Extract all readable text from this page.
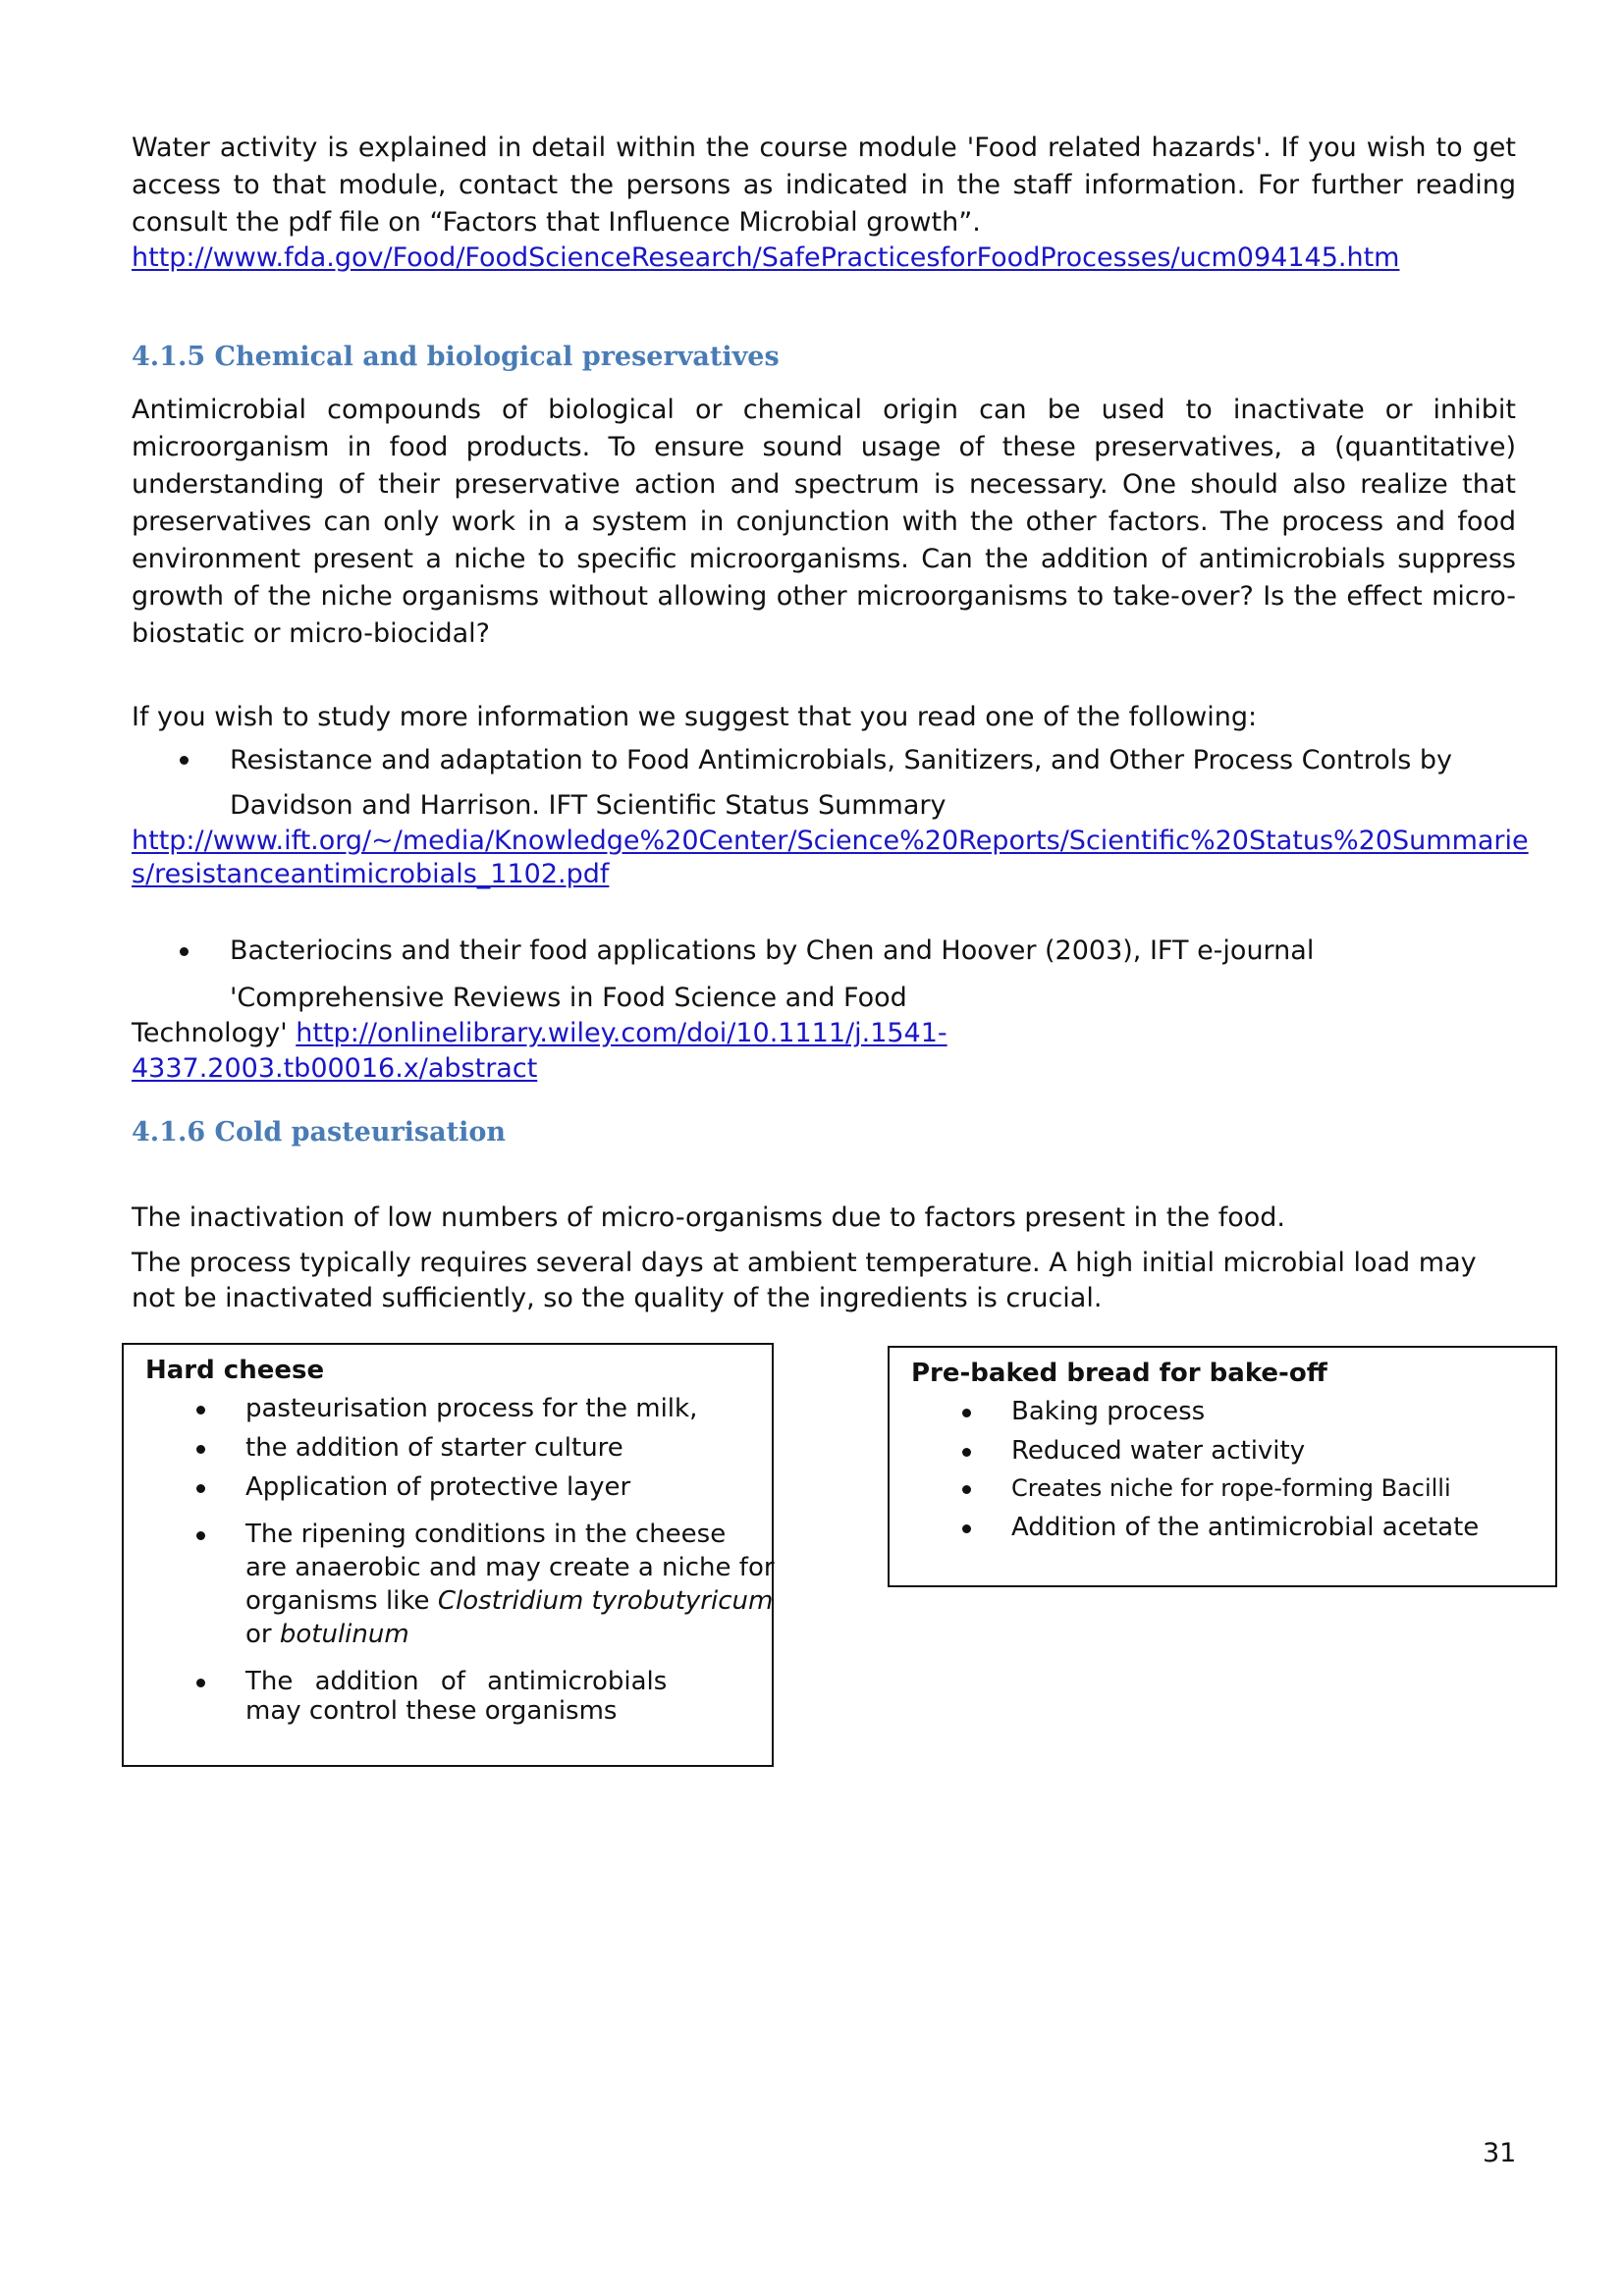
Water activity is explained in detail within the course module 'Food related hazards'. If you wish to get access to that module, contact the persons as indicated in the staff information. For further reading consult the pdf file on “Factors that Influence Microbial growth”.
http://www.fda.gov/Food/FoodScienceResearch/SafePracticesforFoodProcesses/ucm094145.htm
4.1.5 Chemical and biological preservatives
Antimicrobial compounds of biological or chemical origin can be used to inactivate or inhibit microorganism in food products. To ensure sound usage of these preservatives, a (quantitative) understanding of their preservative action and spectrum is necessary. One should also realize that preservatives can only work in a system in conjunction with the other factors. The process and food environment present a niche to specific microorganisms. Can the addition of antimicrobials suppress growth of the niche organisms without allowing other microorganisms to take-over? Is the effect micro-biostatic or micro-biocidal?
If you wish to study more information we suggest that you read one of the following:
Resistance and adaptation to Food Antimicrobials, Sanitizers, and Other Process Controls by
Davidson and Harrison. IFT Scientific Status Summary
http://www.ift.org/~/media/Knowledge%20Center/Science%20Reports/Scientific%20Status%20Summarie
s/resistanceantimicrobials_1102.pdf
Bacteriocins and their food applications by Chen and Hoover (2003), IFT e-journal
'Comprehensive Reviews in Food Science and Food
Technology' http://onlinelibrary.wiley.com/doi/10.1111/j.1541-
4337.2003.tb00016.x/abstract
4.1.6 Cold pasteurisation
The inactivation of low numbers of micro-organisms due to factors present in the food.
The process typically requires several days at ambient temperature. A high initial microbial load may
not be inactivated sufficiently, so the quality of the ingredients is crucial.
Hard cheese
pasteurisation process for the milk,
the addition of starter culture
Application of protective layer
The ripening conditions in the cheese
are anaerobic and may create a niche for
organisms like Clostridium tyrobutyricum
or botulinum
The addition of antimicrobials
may control these organisms
Pre-baked bread for bake-off
Baking process
Reduced water activity
Creates niche for rope-forming Bacilli
Addition of the antimicrobial acetate
31
